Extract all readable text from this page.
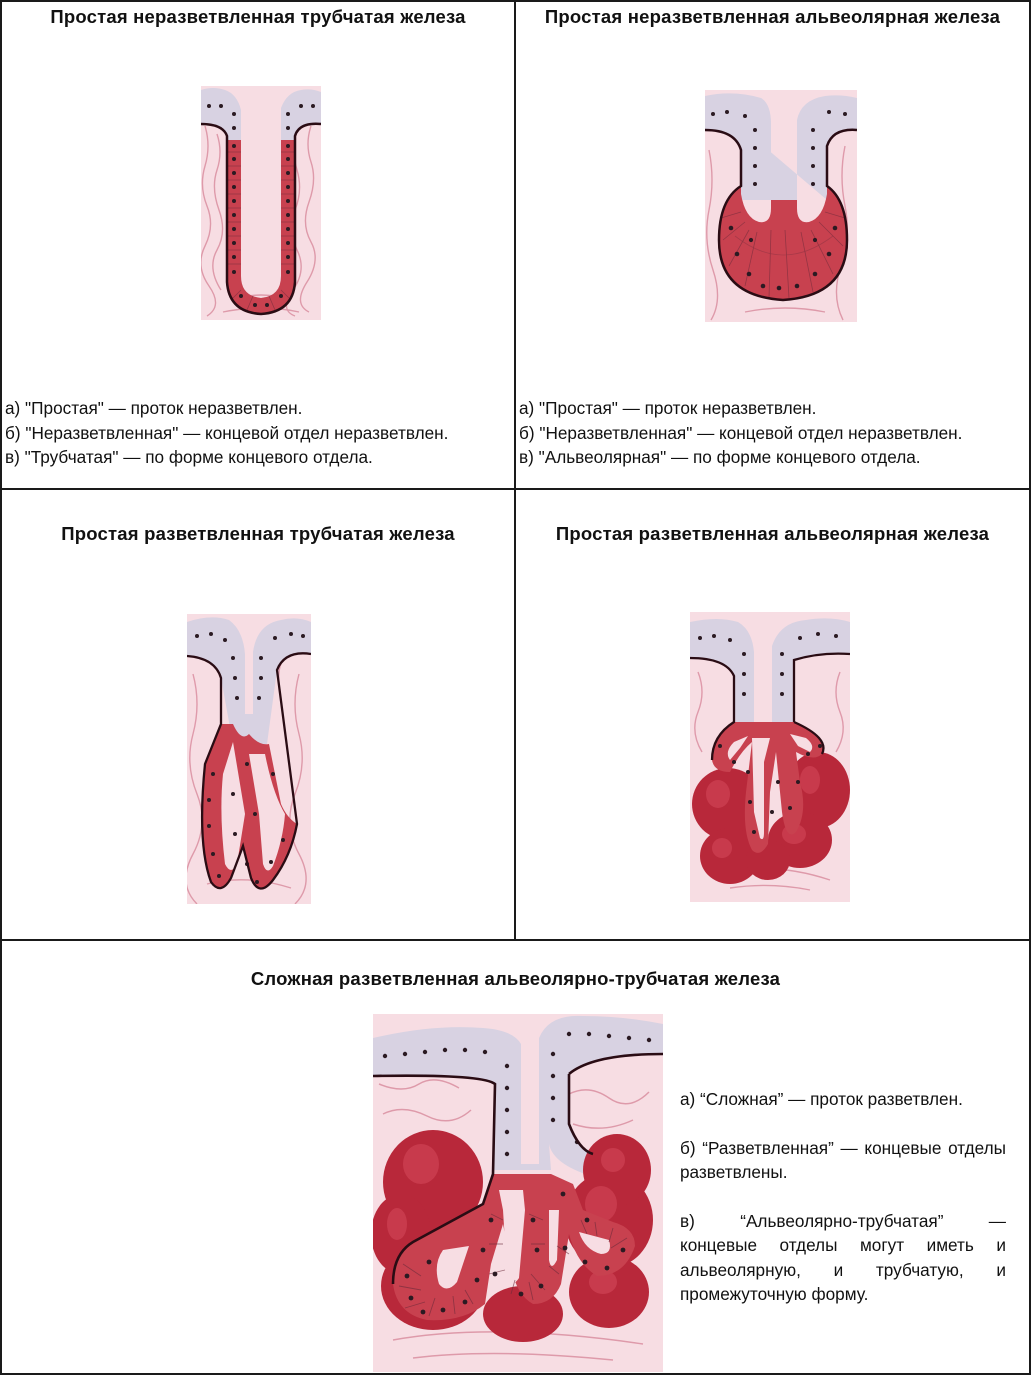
Простая неразветвленная трубчатая железа
а) "Простая" — проток неразветвлен.
б) "Неразветвленная" — концевой отдел неразветвлен.
в) "Трубчатая" — по форме концевого отдела.
Простая неразветвленная альвеолярная железа
а) "Простая" — проток неразветвлен.
б) "Неразветвленная" — концевой отдел неразветвлен.
в) "Альвеолярная" — по форме концевого отдела.
Простая разветвленная трубчатая железа	Простая разветвленная альвеолярная железа
Сложная разветвленная альвеолярно-трубчатая железа

а) “Сложная” — проток разветвлен.

б) “Разветвленная” — концевые отделы разветвлены.

в) “Альвеолярно-трубчатая” — концевые отделы могут иметь и альвеолярную, и трубчатую, и промежуточную форму.
